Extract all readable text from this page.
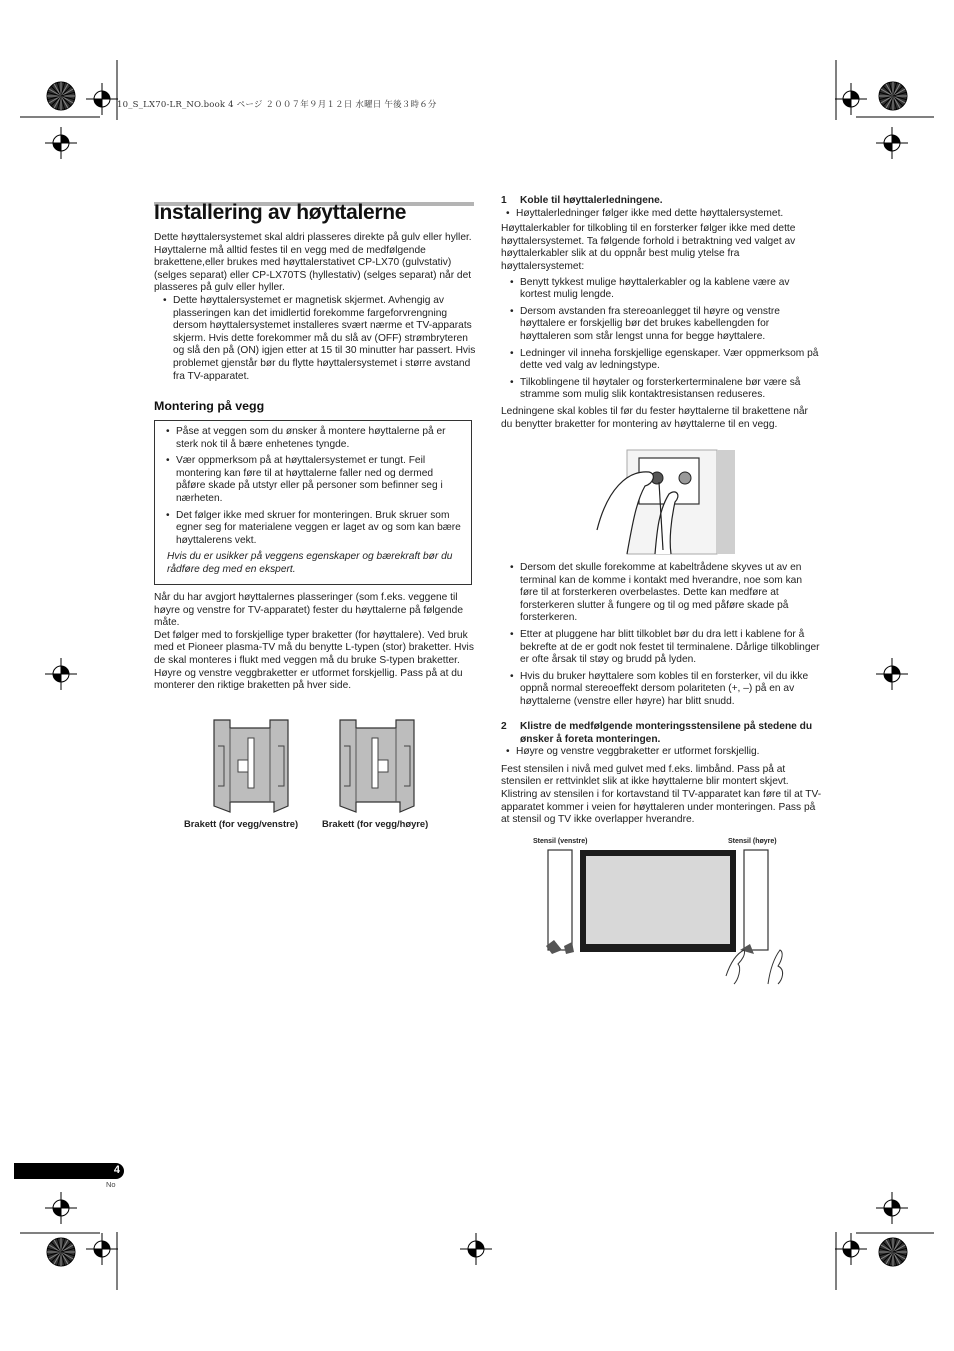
10_S_LX70-LR_NO.book 4 ページ ２００７年９月１２日 水曜日 午後３時６分
Installering av høyttalerne

Dette høyttalersystemet skal aldri plasseres direkte på gulv eller hyller. Høyttalerne må alltid festes til en vegg med de medfølgende brakettene,eller brukes med høyttalerstativet CP-LX70 (gulvstativ) (selges separat) eller CP-LX70TS (hyllestativ) (selges separat) når det plasseres på gulv eller hyller.

• Dette høyttalersystemet er magnetisk skjermet. Avhengig av plasseringen kan det imidlertid forekomme fargeforvrengning dersom høyttalersystemet installeres svært nærme et TV-apparats skjerm. Hvis dette forekommer må du slå av (OFF) strømbryteren og slå den på (ON) igjen etter at 15 til 30 minutter har passert. Hvis problemet gjenstår bør du flytte høyttalersystemet i større avstand fra TV-apparatet.
Montering på vegg
• Påse at veggen som du ønsker å montere høyttalerne på er sterk nok til å bære enhetenes tyngde.
• Vær oppmerksom på at høyttalersystemet er tungt. Feil montering kan føre til at høyttalerne faller ned og dermed påføre skade på utstyr eller på personer som befinner seg i nærheten.
• Det følger ikke med skruer for monteringen. Bruk skruer som egner seg for materialene veggen er laget av og som kan bære høyttalerens vekt.

Hvis du er usikker på veggens egenskaper og bærekraft bør du rådføre deg med en ekspert.

Når du har avgjort høyttalernes plasseringer (som f.eks. veggene til høyre og venstre for TV-apparatet) fester du høyttalerne på følgende måte.

Det følger med to forskjellige typer braketter (for høyttalere). Ved bruk med et Pioneer plasma-TV må du benytte L-typen (stor) braketter. Hvis de skal monteres i flukt med veggen må du bruke S-typen braketter.

Høyre og venstre veggbraketter er utformet forskjellig. Pass på at du monterer den riktige braketten på hver side.

Brakett (for vegg/venstre)	Brakett (for vegg/høyre)

1 Koble til høyttalerledningene.

• Høyttalerledninger følger ikke med dette høyttalersystemet.

Høyttalerkabler for tilkobling til en forsterker følger ikke med dette høyttalersystemet. Ta følgende forhold i betraktning ved valget av høyttalerkabler slik at du oppnår best mulig ytelse fra høyttalersystemet:

• Benytt tykkest mulige høyttalerkabler og la kablene være av kortest mulig lengde.
• Dersom avstanden fra stereoanlegget til høyre og venstre høyttalere er forskjellig bør det brukes kabellengden for høyttaleren som står lengst unna for begge høyttalere.
• Ledninger vil inneha forskjellige egenskaper. Vær oppmerksom på dette ved valg av ledningstype.
• Tilkoblingene til høytaler og forsterkerterminalene bør være så stramme som mulig slik kontaktresistansen reduseres.

Ledningene skal kobles til før du fester høyttalerne til brakettene når du benytter braketter for montering av høyttalerne til en vegg.

• Dersom det skulle forekomme at kabeltrådene skyves ut av en terminal kan de komme i kontakt med hverandre, noe som kan føre til at forsterkeren overbelastes. Dette kan medføre at forsterkeren slutter å fungere og til og med påføre skade på forsterkeren.
• Etter at pluggene har blitt tilkoblet bør du dra lett i kablene for å bekrefte at de er godt nok festet til terminalene. Dårlige tilkoblinger er ofte årsak til støy og brudd på lyden.
• Hvis du bruker høyttalere som kobles til en forsterker, vil du ikke oppnå normal stereoeffekt dersom polariteten (+, –) på en av høyttalerne (venstre eller høyre) har blitt snudd.

2 Klistre de medfølgende monteringsstensilene på stedene du ønsker å foreta monteringen.

• Høyre og venstre veggbraketter er utformet forskjellig.

Fest stensilen i nivå med gulvet med f.eks. limbånd. Pass på at stensilen er rettvinklet slik at ikke høyttalerne blir montert skjevt. Klistring av stensilen i for kortavstand til TV-apparatet kan føre til at TV-apparatet kommer i veien for høyttaleren under monteringen. Pass på at stensil og TV ikke overlapper hverandre.

Stensil (venstre)	Stensil (høyre)
4
No
